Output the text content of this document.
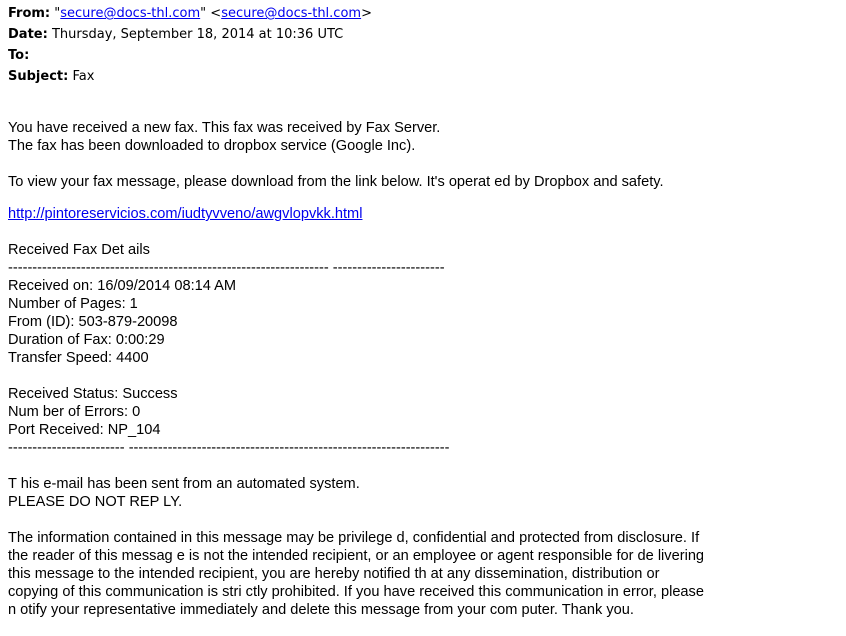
From: "secure@docs-thl.com" <secure@docs-thl.com>
Date: Thursday, September 18, 2014 at 10:36 UTC
To:
Subject: Fax
You have received a new fax. This fax was received by Fax Server.
The fax has been downloaded to dropbox service (Google Inc).
To view your fax message, please download from the link below. It's operat ed by Dropbox and safety.
http://pintoreservicios.com/iudtyvveno/awgvlopvkk.html
Received Fax Det ails
------------------------------------------------------------------ -----------------------
Received on: 16/09/2014 08:14 AM
Number of Pages: 1
From (ID): 503-879-20098
Duration of Fax: 0:00:29
Transfer Speed: 4400
Received Status: Success
Num ber of Errors: 0
Port Received: NP_104
------------------------ ------------------------------------------------------------------
T his e-mail has been sent from an automated system.
PLEASE DO NOT REP LY.
The information contained in this message may be privilege d, confidential and protected from disclosure. If
the reader of this messag e is not the intended recipient, or an employee or agent responsible for de livering
this message to the intended recipient, you are hereby notified th at any dissemination, distribution or
copying of this communication is stri ctly prohibited. If you have received this communication in error, please
n otify your representative immediately and delete this message from your com puter. Thank you.
